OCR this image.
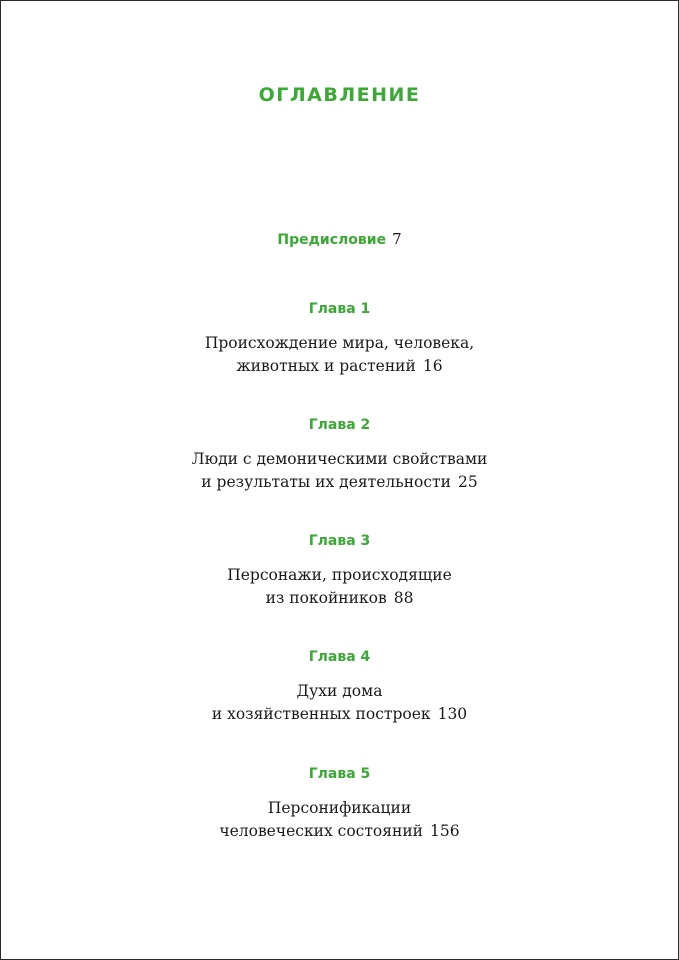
ОГЛАВЛЕНИЕ
Предисловие 7
Глава 1
Происхождение мира, человека,
животных и растений 16
Глава 2
Люди с демоническими свойствами
и результаты их деятельности 25
Глава 3
Персонажи, происходящие
из покойников 88
Глава 4
Духи дома
и хозяйственных построек 130
Глава 5
Персонификации
человеческих состояний 156
